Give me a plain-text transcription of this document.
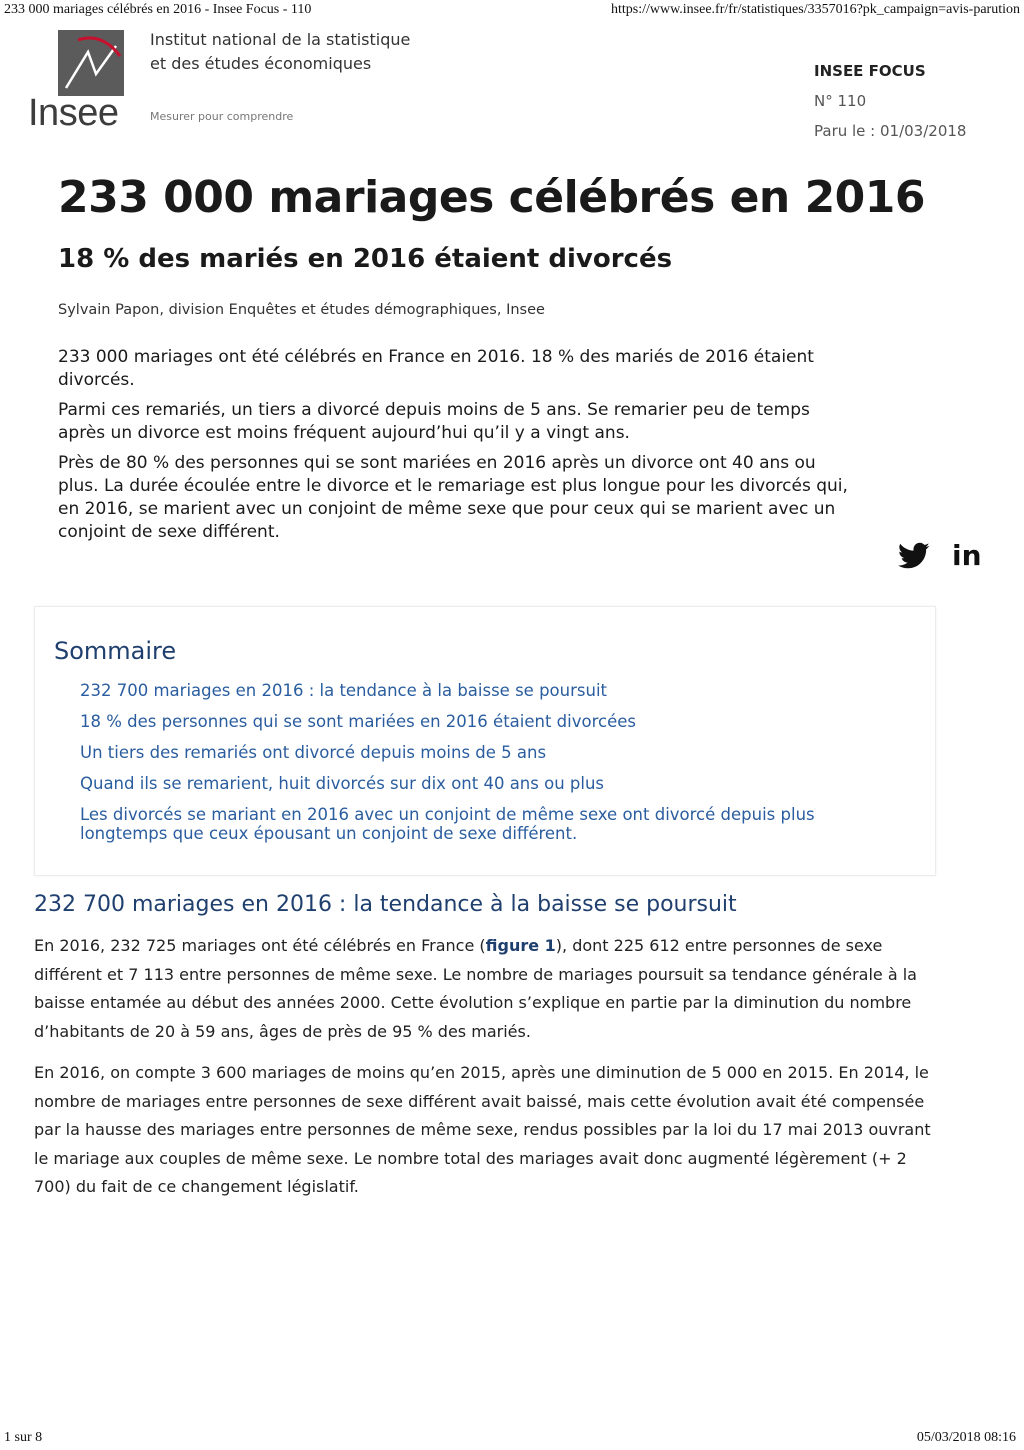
233 000 mariages célébrés en 2016 - Insee Focus - 110	https://www.insee.fr/fr/statistiques/3357016?pk_campaign=avis-parution
Insee
Institut national de la statistique
et des études économiques
Mesurer pour comprendre
INSEE FOCUS
N° 110
Paru le : 01/03/2018
233 000 mariages célébrés en 2016
18 % des mariés en 2016 étaient divorcés
Sylvain Papon, division Enquêtes et études démographiques, Insee

233 000 mariages ont été célébrés en France en 2016. 18 % des mariés de 2016 étaient divorcés.

Parmi ces remariés, un tiers a divorcé depuis moins de 5 ans. Se remarier peu de temps après un divorce est moins fréquent aujourd’hui qu’il y a vingt ans.

Près de 80 % des personnes qui se sont mariées en 2016 après un divorce ont 40 ans ou plus. La durée écoulée entre le divorce et le remariage est plus longue pour les divorcés qui, en 2016, se marient avec un conjoint de même sexe que pour ceux qui se marient avec un conjoint de sexe différent.

in
Sommaire
232 700 mariages en 2016 : la tendance à la baisse se poursuit
18 % des personnes qui se sont mariées en 2016 étaient divorcées
Un tiers des remariés ont divorcé depuis moins de 5 ans
Quand ils se remarient, huit divorcés sur dix ont 40 ans ou plus
Les divorcés se mariant en 2016 avec un conjoint de même sexe ont divorcé depuis plus longtemps que ceux épousant un conjoint de sexe différent.
232 700 mariages en 2016 : la tendance à la baisse se poursuit

En 2016, 232 725 mariages ont été célébrés en France (figure 1), dont 225 612 entre personnes de sexe différent et 7 113 entre personnes de même sexe. Le nombre de mariages poursuit sa tendance générale à la baisse entamée au début des années 2000. Cette évolution s’explique en partie par la diminution du nombre d’habitants de 20 à 59 ans, âges de près de 95 % des mariés.

En 2016, on compte 3 600 mariages de moins qu’en 2015, après une diminution de 5 000 en 2015. En 2014, le nombre de mariages entre personnes de sexe différent avait baissé, mais cette évolution avait été compensée par la hausse des mariages entre personnes de même sexe, rendus possibles par la loi du 17 mai 2013 ouvrant le mariage aux couples de même sexe. Le nombre total des mariages avait donc augmenté légèrement (+ 2 700) du fait de ce changement législatif.

1 sur 8	05/03/2018 08:16
